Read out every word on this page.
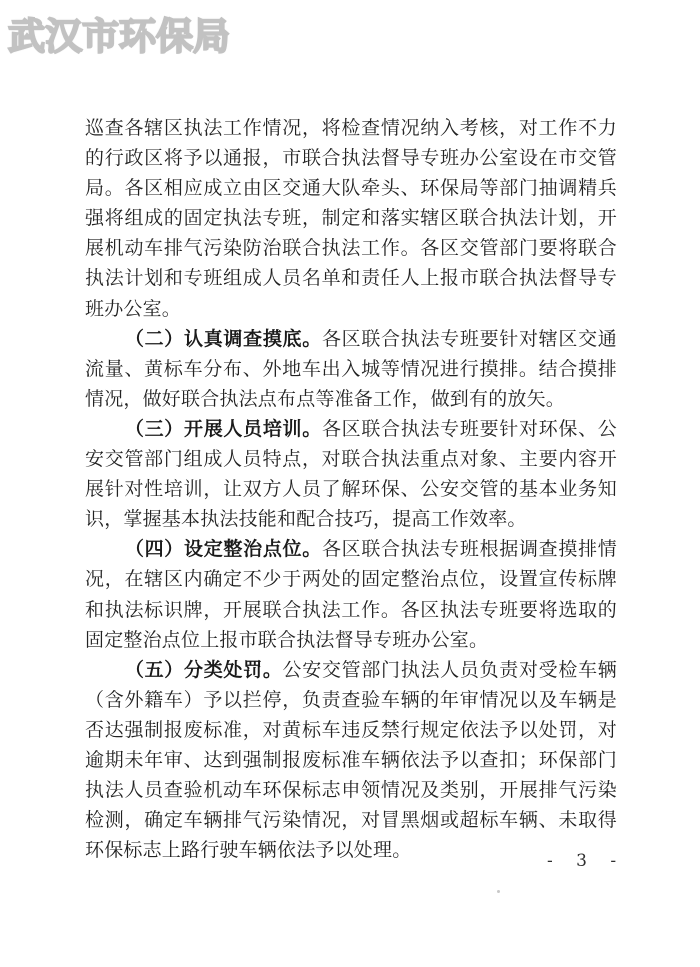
武汉市环保局

巡查各辖区执法工作情况，将检查情况纳入考核，对工作不力的行政区将予以通报，市联合执法督导专班办公室设在市交管局。各区相应成立由区交通大队牵头、环保局等部门抽调精兵强将组成的固定执法专班，制定和落实辖区联合执法计划，开展机动车排气污染防治联合执法工作。各区交管部门要将联合执法计划和专班组成人员名单和责任人上报市联合执法督导专班办公室。

（二）认真调查摸底。各区联合执法专班要针对辖区交通流量、黄标车分布、外地车出入城等情况进行摸排。结合摸排情况，做好联合执法点布点等准备工作，做到有的放矢。

（三）开展人员培训。各区联合执法专班要针对环保、公安交管部门组成人员特点，对联合执法重点对象、主要内容开展针对性培训，让双方人员了解环保、公安交管的基本业务知识，掌握基本执法技能和配合技巧，提高工作效率。

（四）设定整治点位。各区联合执法专班根据调查摸排情况，在辖区内确定不少于两处的固定整治点位，设置宣传标牌和执法标识牌，开展联合执法工作。各区执法专班要将选取的固定整治点位上报市联合执法督导专班办公室。

（五）分类处罚。公安交管部门执法人员负责对受检车辆（含外籍车）予以拦停，负责查验车辆的年审情况以及车辆是否达强制报废标准，对黄标车违反禁行规定依法予以处罚，对逾期未年审、达到强制报废标准车辆依法予以查扣；环保部门执法人员查验机动车环保标志申领情况及类别，开展排气污染检测，确定车辆排气污染情况，对冒黑烟或超标车辆、未取得环保标志上路行驶车辆依法予以处理。	- 3 -
